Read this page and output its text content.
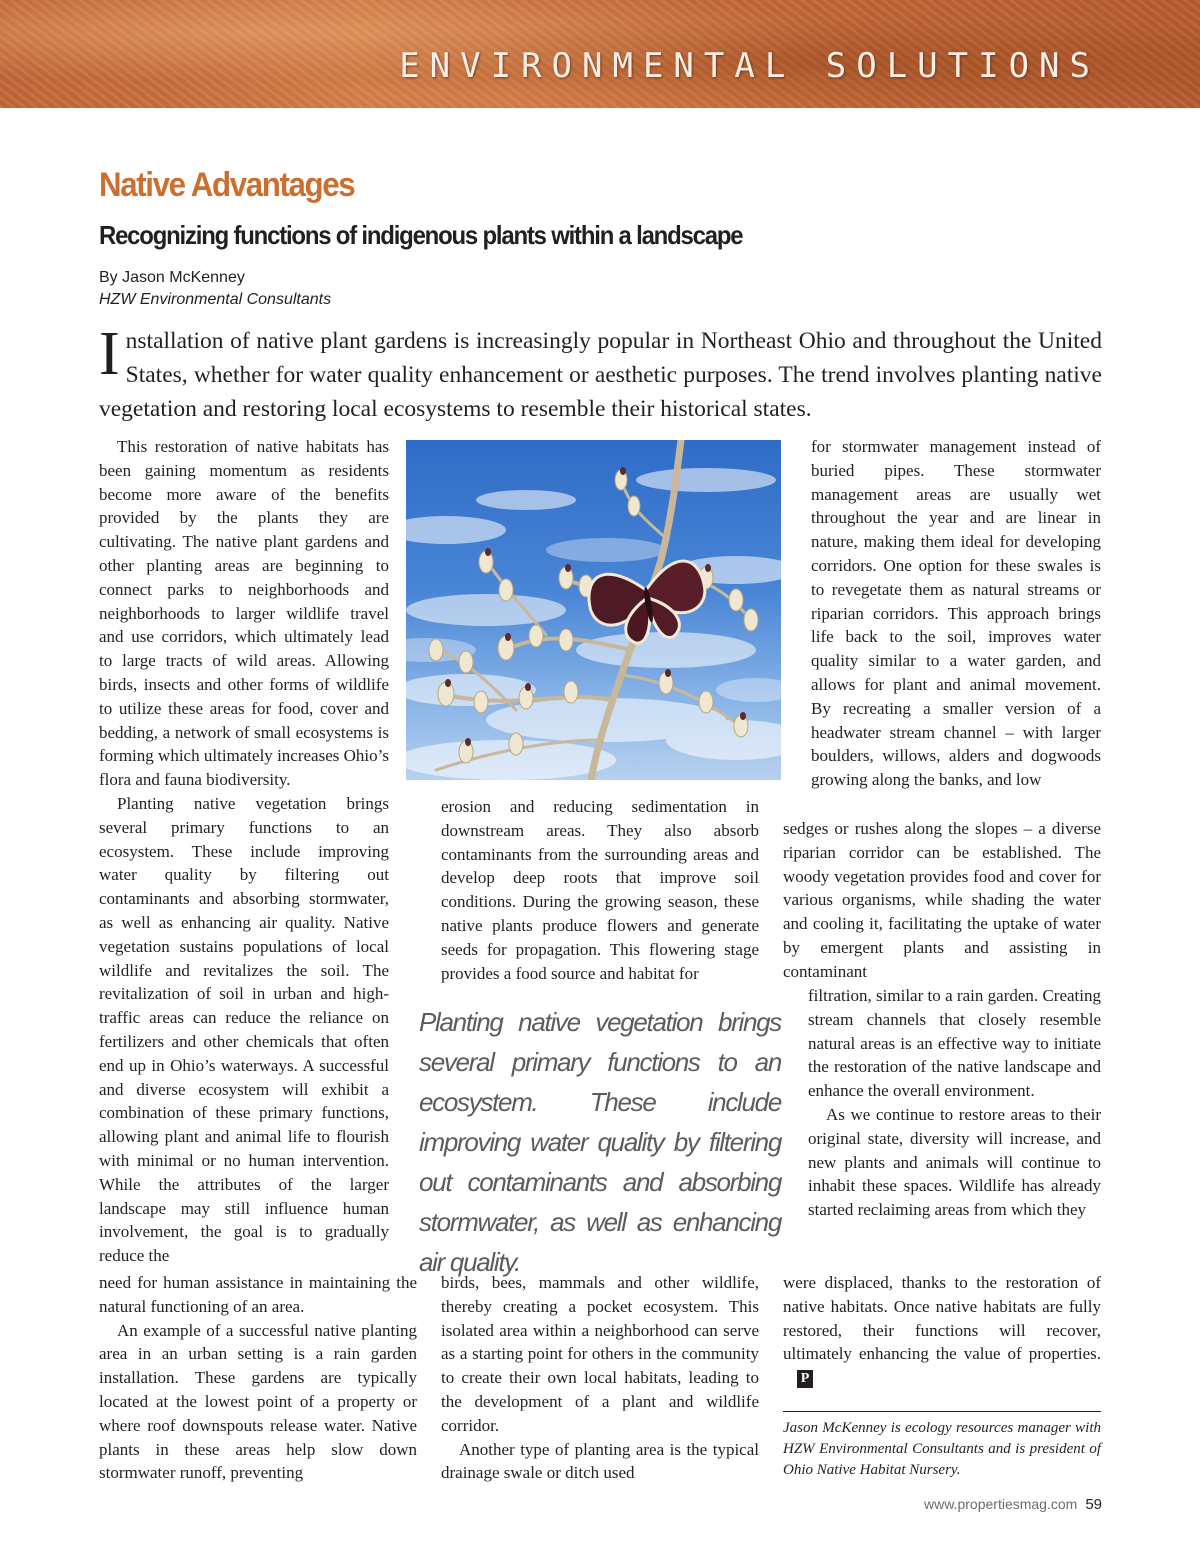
ENVIRONMENTAL SOLUTIONS
Native Advantages
Recognizing functions of indigenous plants within a landscape
By Jason McKenney
HZW Environmental Consultants

Installation of native plant gardens is increasingly popular in Northeast Ohio and throughout the United States, whether for water quality enhancement or aesthetic purposes. The trend involves planting native vegetation and restoring local ecosystems to resemble their historical states.

This restoration of native habitats has been gaining momentum as residents become more aware of the benefits provided by the plants they are cultivating. The native plant gardens and other planting areas are beginning to connect parks to neighborhoods and neighborhoods to larger wildlife travel and use corridors, which ultimately lead to large tracts of wild areas. Allowing birds, insects and other forms of wildlife to utilize these areas for food, cover and bedding, a network of small ecosystems is forming which ultimately increases Ohio’s flora and fauna biodiversity.

Planting native vegetation brings several primary functions to an ecosystem. These include improving water quality by filtering out contaminants and absorbing stormwater, as well as enhancing air quality. Native vegetation sustains populations of local wildlife and revitalizes the soil. The revitalization of soil in urban and high-traffic areas can reduce the reliance on fertilizers and other chemicals that often end up in Ohio’s waterways. A successful and diverse ecosystem will exhibit a combination of these primary functions, allowing plant and animal life to flourish with minimal or no human intervention. While the attributes of the larger landscape may still influence human involvement, the goal is to gradually reduce the

need for human assistance in maintaining the natural functioning of an area.

An example of a successful native planting area in an urban setting is a rain garden installation. These gardens are typically located at the lowest point of a property or where roof downspouts release water. Native plants in these areas help slow down stormwater runoff, preventing

erosion and reducing sedimentation in downstream areas. They also absorb contaminants from the surrounding areas and develop deep roots that improve soil conditions. During the growing season, these native plants produce flowers and generate seeds for propagation. This flowering stage provides a food source and habitat for

Planting native vegetation brings several primary functions to an ecosystem. These include improving water quality by filtering out contaminants and absorbing stormwater, as well as enhancing air quality.

birds, bees, mammals and other wildlife, thereby creating a pocket ecosystem. This isolated area within a neighborhood can serve as a starting point for others in the community to create their own local habitats, leading to the development of a plant and wildlife corridor.

Another type of planting area is the typical drainage swale or ditch used

for stormwater management instead of buried pipes. These stormwater management areas are usually wet throughout the year and are linear in nature, making them ideal for developing corridors. One option for these swales is to revegetate them as natural streams or riparian corridors. This approach brings life back to the soil, improves water quality similar to a water garden, and allows for plant and animal movement. By recreating a smaller version of a headwater stream channel – with larger boulders, willows, alders and dogwoods growing along the banks, and low

sedges or rushes along the slopes – a diverse riparian corridor can be established. The woody vegetation provides food and cover for various organisms, while shading the water and cooling it, facilitating the uptake of water by emergent plants and assisting in contaminant

filtration, similar to a rain garden. Creating stream channels that closely resemble natural areas is an effective way to initiate the restoration of the native landscape and enhance the overall environment.

As we continue to restore areas to their original state, diversity will increase, and new plants and animals will continue to inhabit these spaces. Wildlife has already started reclaiming areas from which they

were displaced, thanks to the restoration of native habitats. Once native habitats are fully restored, their functions will recover, ultimately enhancing the value of properties.P

Jason McKenney is ecology resources manager with HZW Environmental Consultants and is president of Ohio Native Habitat Nursery.

www.propertiesmag.com 59
